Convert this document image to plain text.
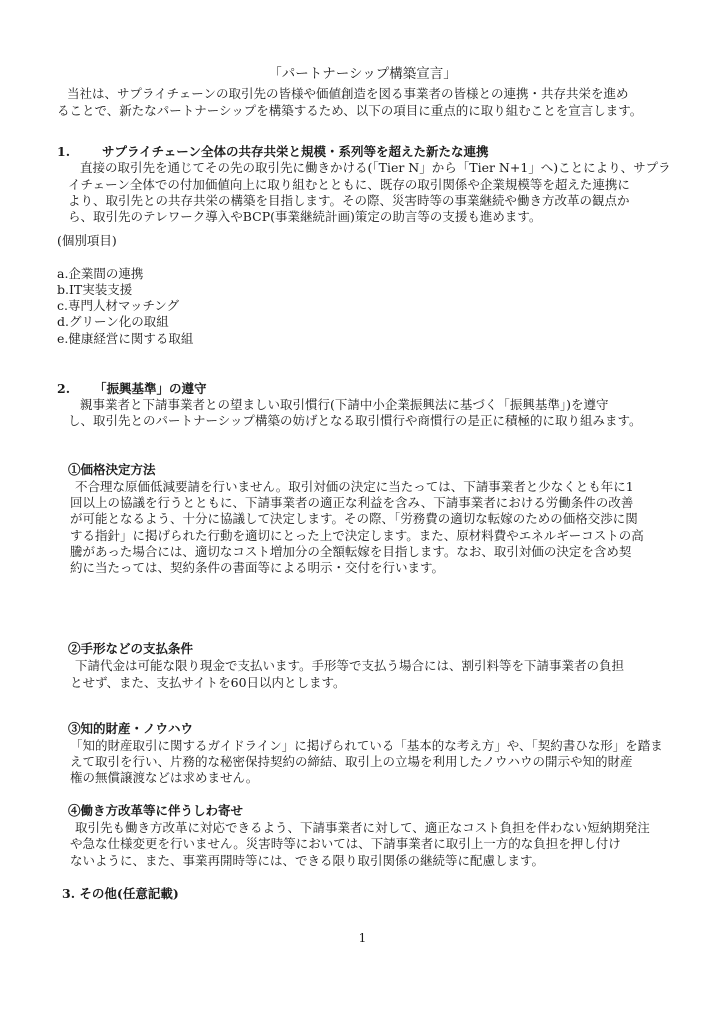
「パートナーシップ構築宣言」
当社は、サプライチェーンの取引先の皆様や価値創造を図る事業者の皆様との連携・共存共栄を進め
ることで、新たなパートナーシップを構築するため、以下の項目に重点的に取り組むことを宣言します。
1.	サプライチェーン全体の共存共栄と規模・系列等を超えた新たな連携
直接の取引先を通じてその先の取引先に働きかける(「Tier N」から「Tier N+1」へ)ことにより、サプラ
イチェーン全体での付加価値向上に取り組むとともに、既存の取引関係や企業規模等を超えた連携に
より、取引先との共存共栄の構築を目指します。その際、災害時等の事業継続や働き方改革の観点か
ら、取引先のテレワーク導入やBCP(事業継続計画)策定の助言等の支援も進めます。
(個別項目)
a.企業間の連携
b.IT実装支援
c.専門人材マッチング
d.グリーン化の取組
e.健康経営に関する取組
2. 「振興基準」の遵守
親事業者と下請事業者との望ましい取引慣行(下請中小企業振興法に基づく「振興基準」)を遵守
し、取引先とのパートナーシップ構築の妨げとなる取引慣行や商慣行の是正に積極的に取り組みます。
①価格決定方法
不合理な原価低減要請を行いません。取引対価の決定に当たっては、下請事業者と少なくとも年に1
回以上の協議を行うとともに、下請事業者の適正な利益を含み、下請事業者における労働条件の改善
が可能となるよう、十分に協議して決定します。その際、「労務費の適切な転嫁のための価格交渉に関
する指針」に掲げられた行動を適切にとった上で決定します。また、原材料費やエネルギーコストの高
騰があった場合には、適切なコスト増加分の全額転嫁を目指します。なお、取引対価の決定を含め契
約に当たっては、契約条件の書面等による明示・交付を行います。
②手形などの支払条件
下請代金は可能な限り現金で支払います。手形等で支払う場合には、割引料等を下請事業者の負担
とせず、また、支払サイトを60日以内とします。
③知的財産・ノウハウ
「知的財産取引に関するガイドライン」に掲げられている「基本的な考え方」や、「契約書ひな形」を踏ま
えて取引を行い、片務的な秘密保持契約の締結、取引上の立場を利用したノウハウの開示や知的財産
権の無償譲渡などは求めません。
④働き方改革等に伴うしわ寄せ
取引先も働き方改革に対応できるよう、下請事業者に対して、適正なコスト負担を伴わない短納期発注
や急な仕様変更を行いません。災害時等においては、下請事業者に取引上一方的な負担を押し付け
ないように、また、事業再開時等には、できる限り取引関係の継続等に配慮します。
3. その他(任意記載)
1
